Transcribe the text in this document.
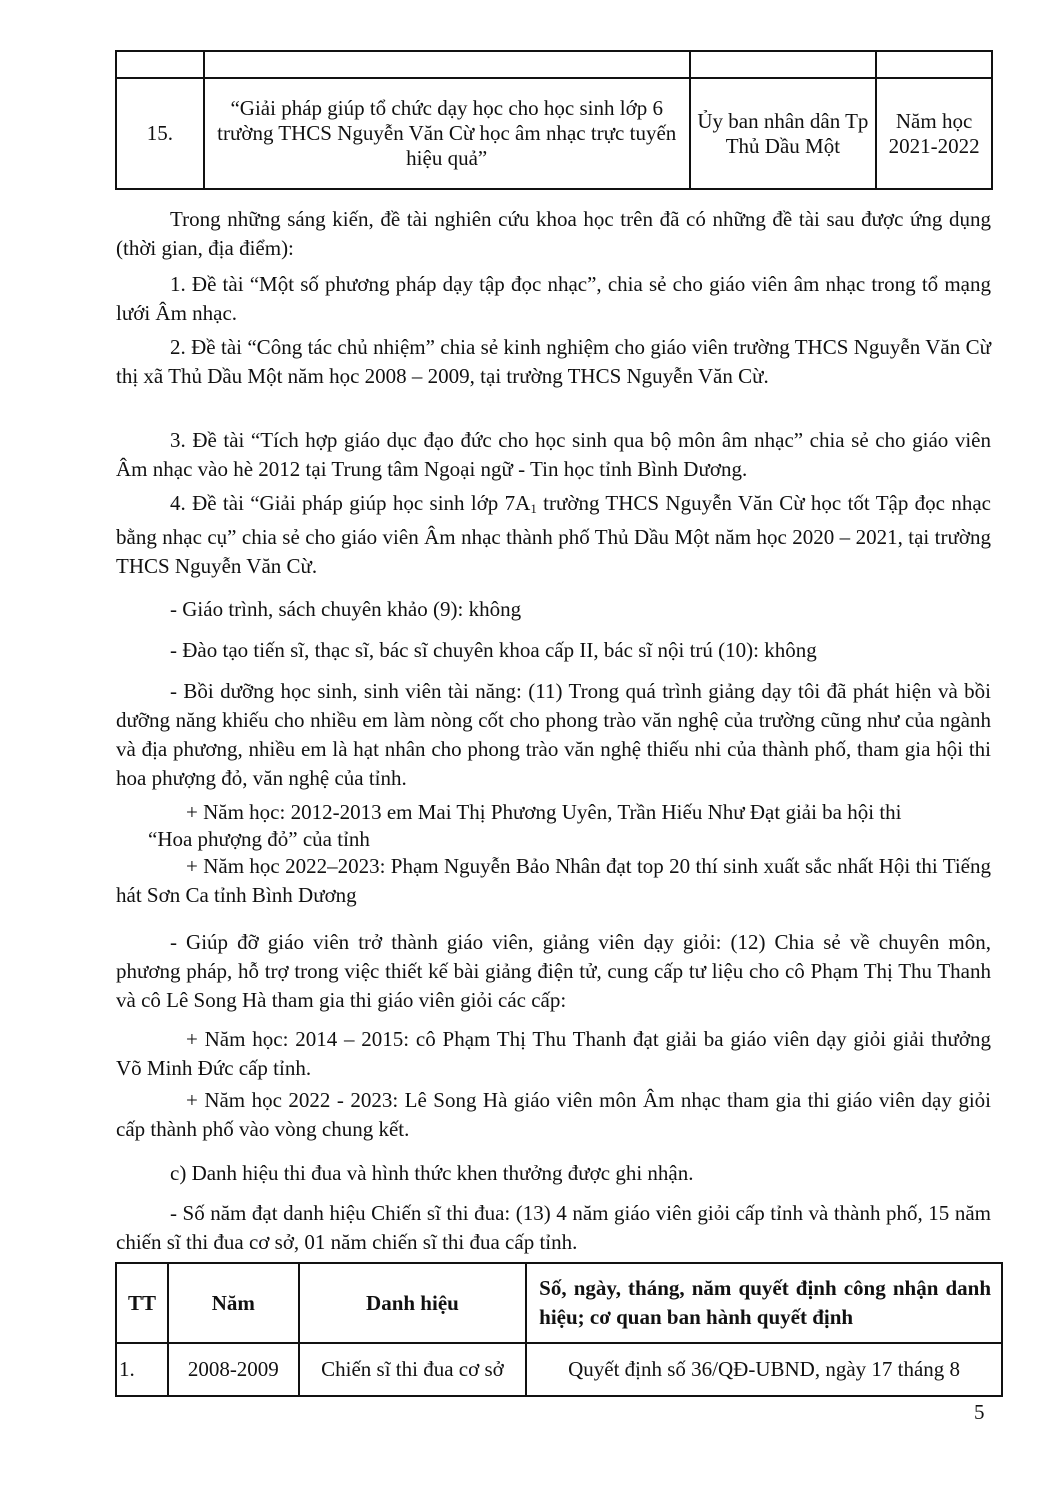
15.	“Giải pháp giúp tổ chức dạy học cho học sinh lớp 6 trường THCS Nguyễn Văn Cừ học âm nhạc trực tuyến hiệu quả”	Ủy ban nhân dân Tp Thủ Dầu Một	Năm học 2021-2022

Trong những sáng kiến, đề tài nghiên cứu khoa học trên đã có những đề tài sau được ứng dụng (thời gian, địa điểm):

1. Đề tài “Một số phương pháp dạy tập đọc nhạc”, chia sẻ cho giáo viên âm nhạc trong tổ mạng lưới Âm nhạc.

2. Đề tài “Công tác chủ nhiệm” chia sẻ kinh nghiệm cho giáo viên trường THCS Nguyễn Văn Cừ thị xã Thủ Dầu Một năm học 2008 – 2009, tại trường THCS Nguyễn Văn Cừ.

3. Đề tài “Tích hợp giáo dục đạo đức cho học sinh qua bộ môn âm nhạc” chia sẻ cho giáo viên Âm nhạc vào hè 2012 tại Trung tâm Ngoại ngữ - Tin học tỉnh Bình Dương.

4. Đề tài “Giải pháp giúp học sinh lớp $7A_1$ trường THCS Nguyễn Văn Cừ học tốt Tập đọc nhạc bằng nhạc cụ” chia sẻ cho giáo viên Âm nhạc thành phố Thủ Dầu Một năm học 2020 – 2021, tại trường THCS Nguyễn Văn Cừ.

- Giáo trình, sách chuyên khảo (9): không

- Đào tạo tiến sĩ, thạc sĩ, bác sĩ chuyên khoa cấp II, bác sĩ nội trú (10): không

- Bồi dưỡng học sinh, sinh viên tài năng: (11) Trong quá trình giảng dạy tôi đã phát hiện và bồi dưỡng năng khiếu cho nhiều em làm nòng cốt cho phong trào văn nghệ của trường cũng như của ngành và địa phương, nhiều em là hạt nhân cho phong trào văn nghệ thiếu nhi của thành phố, tham gia hội thi hoa phượng đỏ, văn nghệ của tỉnh.

+ Năm học: 2012-2013 em Mai Thị Phương Uyên, Trần Hiếu Như Đạt giải ba hội thi

“Hoa phượng đỏ” của tỉnh

+ Năm học 2022–2023: Phạm Nguyễn Bảo Nhân đạt top 20 thí sinh xuất sắc nhất Hội thi Tiếng hát Sơn Ca tỉnh Bình Dương

- Giúp đỡ giáo viên trở thành giáo viên, giảng viên dạy giỏi: (12) Chia sẻ về chuyên môn, phương pháp, hỗ trợ trong việc thiết kế bài giảng điện tử, cung cấp tư liệu cho cô Phạm Thị Thu Thanh và cô Lê Song Hà tham gia thi giáo viên giỏi các cấp:

+ Năm học: 2014 – 2015: cô Phạm Thị Thu Thanh đạt giải ba giáo viên dạy giỏi giải thưởng Võ Minh Đức cấp tỉnh.

+ Năm học 2022 - 2023: Lê Song Hà giáo viên môn Âm nhạc tham gia thi giáo viên dạy giỏi cấp thành phố vào vòng chung kết.

c) Danh hiệu thi đua và hình thức khen thưởng được ghi nhận.

- Số năm đạt danh hiệu Chiến sĩ thi đua: (13) 4 năm giáo viên giỏi cấp tỉnh và thành phố, 15 năm chiến sĩ thi đua cơ sở, 01 năm chiến sĩ thi đua cấp tỉnh.

TT	Năm	Danh hiệu	Số, ngày, tháng, năm quyết định công nhận danh hiệu; cơ quan ban hành quyết định
1.	2008-2009	Chiến sĩ thi đua cơ sở	Quyết định số 36/QĐ-UBND, ngày 17 tháng 8
5
